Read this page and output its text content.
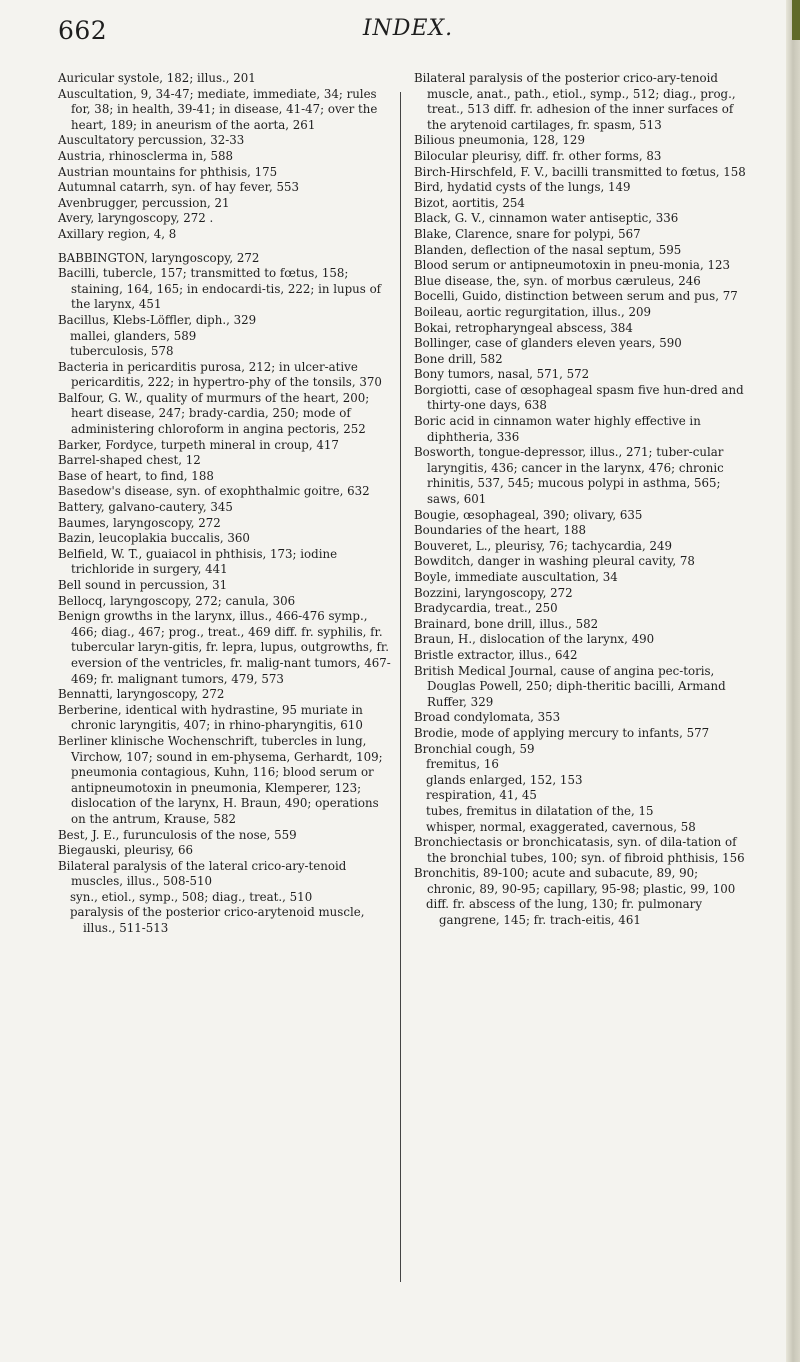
662	INDEX.

Auricular systole, 182; illus., 201

Auscultation, 9, 34-47; mediate, immediate, 34; rules for, 38; in health, 39-41; in disease, 41-47; over the heart, 189; in aneurism of the aorta, 261

Auscultatory percussion, 32-33

Austria, rhinosclerma in, 588

Austrian mountains for phthisis, 175

Autumnal catarrh, syn. of hay fever, 553

Avenbrugger, percussion, 21

Avery, laryngoscopy, 272 .

Axillary region, 4, 8

BABBINGTON, laryngoscopy, 272

Bacilli, tubercle, 157; transmitted to fœtus, 158; staining, 164, 165; in endocardi-tis, 222; in lupus of the larynx, 451

Bacillus, Klebs-Löffler, diph., 329

mallei, glanders, 589

tuberculosis, 578

Bacteria in pericarditis purosa, 212; in ulcer-ative pericarditis, 222; in hypertro-phy of the tonsils, 370

Balfour, G. W., quality of murmurs of the heart, 200; heart disease, 247; brady-cardia, 250; mode of administering chloroform in angina pectoris, 252

Barker, Fordyce, turpeth mineral in croup, 417

Barrel-shaped chest, 12

Base of heart, to find, 188

Basedow's disease, syn. of exophthalmic goitre, 632

Battery, galvano-cautery, 345

Baumes, laryngoscopy, 272

Bazin, leucoplakia buccalis, 360

Belfield, W. T., guaiacol in phthisis, 173; iodine trichloride in surgery, 441

Bell sound in percussion, 31

Bellocq, laryngoscopy, 272; canula, 306

Benign growths in the larynx, illus., 466-476 symp., 466; diag., 467; prog., treat., 469 diff. fr. syphilis, fr. tubercular laryn-gitis, fr. lepra, lupus, outgrowths, fr. eversion of the ventricles, fr. malig-nant tumors, 467-469; fr. malignant tumors, 479, 573

Bennatti, laryngoscopy, 272

Berberine, identical with hydrastine, 95 muriate in chronic laryngitis, 407; in rhino-pharyngitis, 610

Berliner klinische Wochenschrift, tubercles in lung, Virchow, 107; sound in em-physema, Gerhardt, 109; pneumonia contagious, Kuhn, 116; blood serum or antipneumotoxin in pneumonia, Klemperer, 123; dislocation of the larynx, H. Braun, 490; operations on the antrum, Krause, 582

Best, J. E., furunculosis of the nose, 559

Biegauski, pleurisy, 66

Bilateral paralysis of the lateral crico-ary-tenoid muscles, illus., 508-510

syn., etiol., symp., 508; diag., treat., 510

paralysis of the posterior crico-arytenoid muscle, illus., 511-513

Bilateral paralysis of the posterior crico-ary-tenoid muscle, anat., path., etiol., symp., 512; diag., prog., treat., 513 diff. fr. adhesion of the inner surfaces of the arytenoid cartilages, fr. spasm, 513

Bilious pneumonia, 128, 129

Bilocular pleurisy, diff. fr. other forms, 83

Birch-Hirschfeld, F. V., bacilli transmitted to fœtus, 158

Bird, hydatid cysts of the lungs, 149

Bizot, aortitis, 254

Black, G. V., cinnamon water antiseptic, 336

Blake, Clarence, snare for polypi, 567

Blanden, deflection of the nasal septum, 595

Blood serum or antipneumotoxin in pneu-monia, 123

Blue disease, the, syn. of morbus cæruleus, 246

Bocelli, Guido, distinction between serum and pus, 77

Boileau, aortic regurgitation, illus., 209

Bokai, retropharyngeal abscess, 384

Bollinger, case of glanders eleven years, 590

Bone drill, 582

Bony tumors, nasal, 571, 572

Borgiotti, case of œsophageal spasm five hun-dred and thirty-one days, 638

Boric acid in cinnamon water highly effective in diphtheria, 336

Bosworth, tongue-depressor, illus., 271; tuber-cular laryngitis, 436; cancer in the larynx, 476; chronic rhinitis, 537, 545; mucous polypi in asthma, 565; saws, 601

Bougie, œsophageal, 390; olivary, 635

Boundaries of the heart, 188

Bouveret, L., pleurisy, 76; tachycardia, 249

Bowditch, danger in washing pleural cavity, 78

Boyle, immediate auscultation, 34

Bozzini, laryngoscopy, 272

Bradycardia, treat., 250

Brainard, bone drill, illus., 582

Braun, H., dislocation of the larynx, 490

Bristle extractor, illus., 642

British Medical Journal, cause of angina pec-toris, Douglas Powell, 250; diph-theritic bacilli, Armand Ruffer, 329

Broad condylomata, 353

Brodie, mode of applying mercury to infants, 577

Bronchial cough, 59

fremitus, 16

glands enlarged, 152, 153

respiration, 41, 45

tubes, fremitus in dilatation of the, 15

whisper, normal, exaggerated, cavernous, 58

Bronchiectasis or bronchicatasis, syn. of dila-tation of the bronchial tubes, 100; syn. of fibroid phthisis, 156

Bronchitis, 89-100; acute and subacute, 89, 90; chronic, 89, 90-95; capillary, 95-98; plastic, 99, 100

diff. fr. abscess of the lung, 130; fr. pulmonary gangrene, 145; fr. trach-eitis, 461
